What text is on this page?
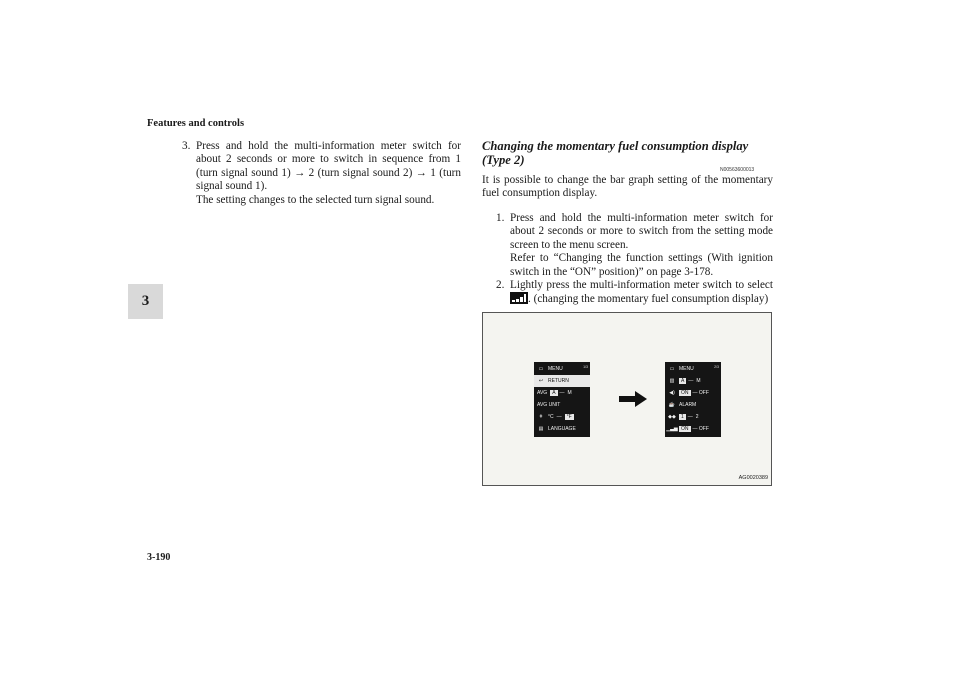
Features and controls
3
3-190
3. Press and hold the multi-information meter switch for about 2 seconds or more to switch in sequence from 1 (turn signal sound 1) → 2 (turn signal sound 2) → 1 (turn signal sound 1).

The setting changes to the selected turn signal sound.

Changing the momentary fuel consumption display (Type 2)
N00563600013
It is possible to change the bar graph setting of the momentary fuel consumption display.
1. Press and hold the multi-information meter switch for about 2 seconds or more to switch from the setting mode screen to the menu screen.

Refer to “Changing the function settings (With ignition switch in the “ON” position)” on page 3-178.

2. Lightly press the multi-information meter switch to select . (changing the momentary fuel consumption display)

1/3
▭ MENU
↩ RETURN
AVG	A — M
AVG UNIT
ǂ	°C —	°F
▤ LANGUAGE
2/3
▭ MENU
▥	A — M
◀)	ON — OFF
☕ ALARM
◆◆	1 — 2
▁▃▅ ON — OFF
AG0020389
